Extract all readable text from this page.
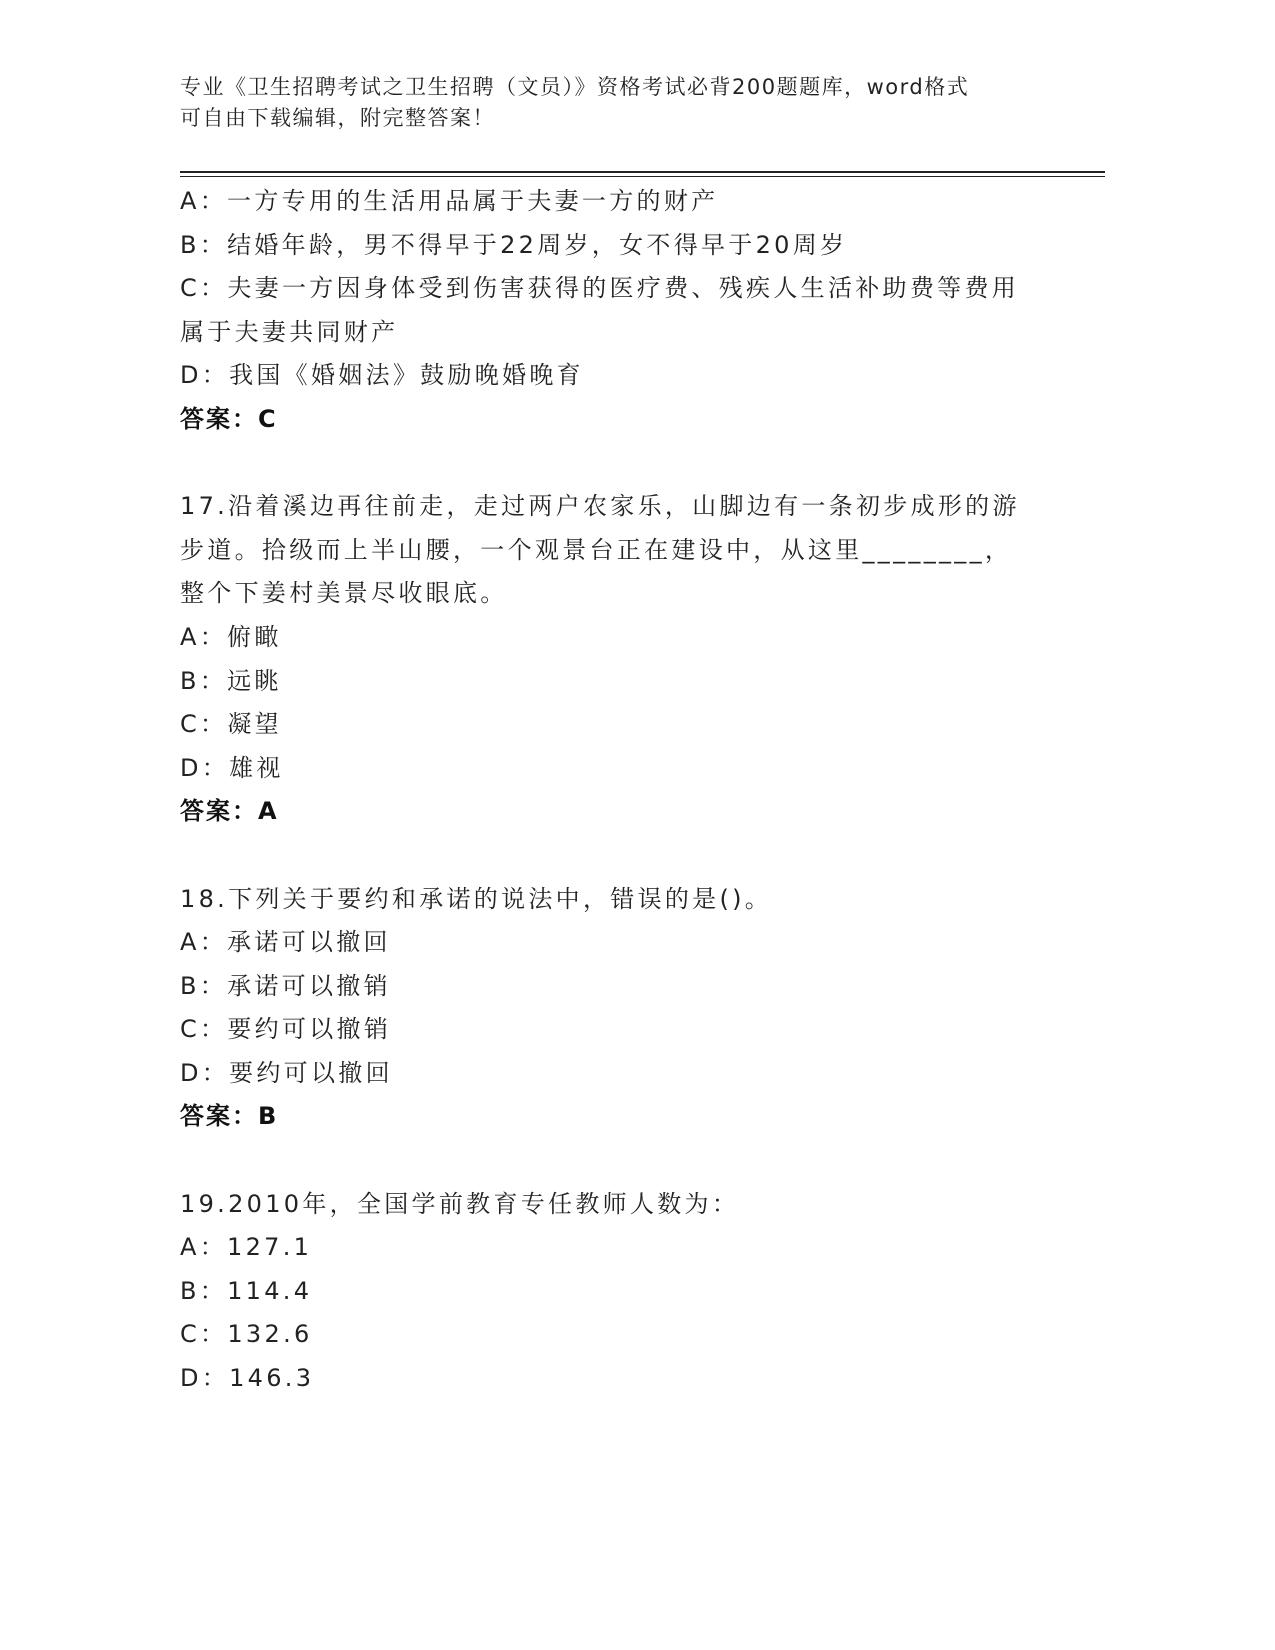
专业《卫生招聘考试之卫生招聘（文员）》资格考试必背200题题库，word格式
可自由下载编辑，附完整答案！
A：一方专用的生活用品属于夫妻一方的财产
B：结婚年龄，男不得早于22周岁，女不得早于20周岁
C：夫妻一方因身体受到伤害获得的医疗费、残疾人生活补助费等费用
属于夫妻共同财产
D：我国《婚姻法》鼓励晚婚晚育
答案：C
17.沿着溪边再往前走，走过两户农家乐，山脚边有一条初步成形的游
步道。拾级而上半山腰，一个观景台正在建设中，从这里________，
整个下姜村美景尽收眼底。
A：俯瞰
B：远眺
C：凝望
D：雄视
答案：A
18.下列关于要约和承诺的说法中，错误的是()。
A：承诺可以撤回
B：承诺可以撤销
C：要约可以撤销
D：要约可以撤回
答案：B
19.2010年，全国学前教育专任教师人数为：
A：127.1
B：114.4
C：132.6
D：146.3
